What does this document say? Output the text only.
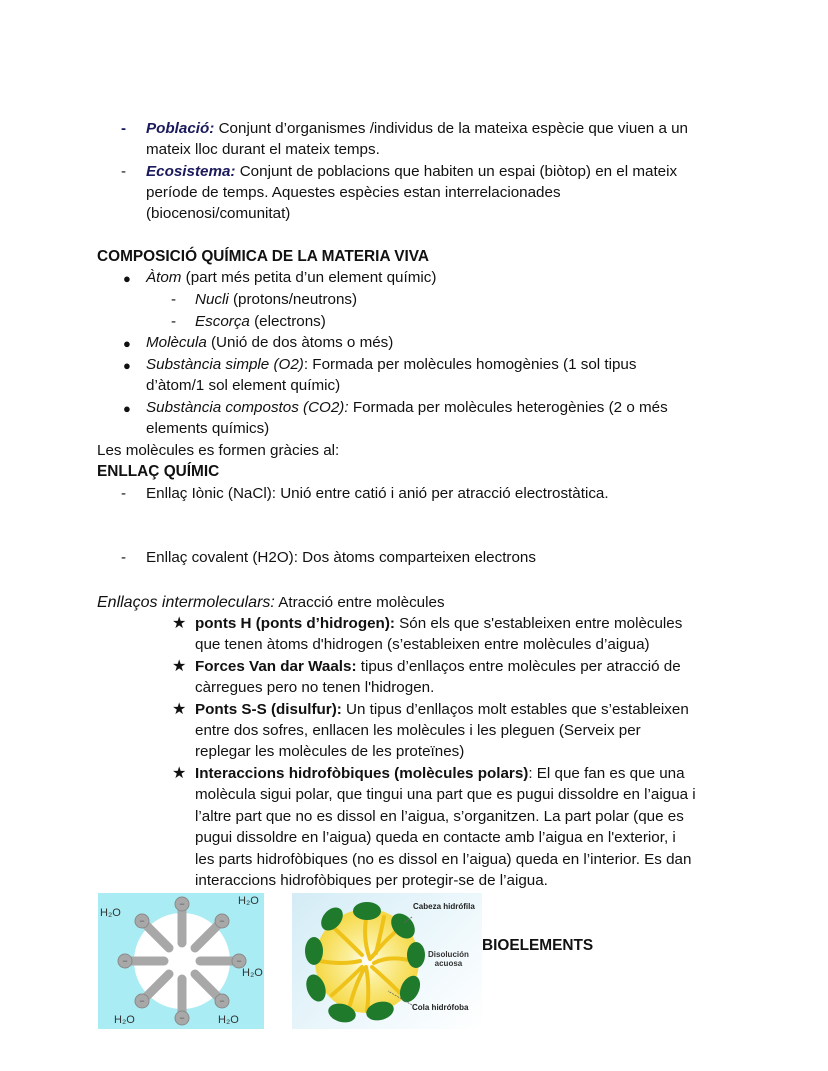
- Població: Conjunt d’organismes /individus de la mateixa espècie que viuen a un
mateix lloc durant el mateix temps.
- Ecosistema: Conjunt de poblacions que habiten un espai (biòtop) en el mateix
període de temps. Aquestes espècies estan interrelacionades
(biocenosi/comunitat)
COMPOSICIÓ QUÍMICA DE LA MATERIA VIVA
● Àtom (part més petita d’un element químic)
- Nucli (protons/neutrons)
- Escorça (electrons)
● Molècula (Unió de dos àtoms o més)
● Substància simple (O2): Formada per molècules homogènies (1 sol tipus
d’àtom/1 sol element químic)
● Substància compostos (CO2): Formada per molècules heterogènies (2 o més
elements químics)
Les molècules es formen gràcies al:
ENLLAÇ QUÍMIC
- Enllaç Iònic (NaCl): Unió entre catió i anió per atracció electrostàtica.
- Enllaç covalent (H2O): Dos àtoms comparteixen electrons
Enllaços intermoleculars: Atracció entre molècules
★ ponts H (ponts d’hidrogen): Són els que s'estableixen entre molècules
que tenen àtoms d'hidrogen (s’estableixen entre molècules d’aigua)
★ Forces Van dar Waals: tipus d’enllaços entre molècules per atracció de
càrregues pero no tenen l'hidrogen.
★ Ponts S-S (disulfur): Un tipus d’enllaços molt estables que s’estableixen
entre dos sofres, enllacen les molècules i les pleguen (Serveix per
replegar les molècules de les proteïnes)
★ Interaccions hidrofòbiques (molècules polars): El que fan es que una
molècula sigui polar, que tingui una part que es pugui dissoldre en l’aigua i
l’altre part que no es dissol en l’aigua, s’organitzen. La part polar (que es
pugui dissoldre en l’aigua) queda en contacte amb l’aigua en l'exterior, i
les parts hidrofòbiques (no es dissol en l’aigua) queda en l’interior. Es dan
interaccions hidrofòbiques per protegir-se de l’aigua.
−
−
−	−
−	−
−	−
H₂O
H₂O
H₂O
H₂O	H₂O
Cabeza hidrófila
Disolución
acuosa
Cola hidrófoba
BIOELEMENTS
